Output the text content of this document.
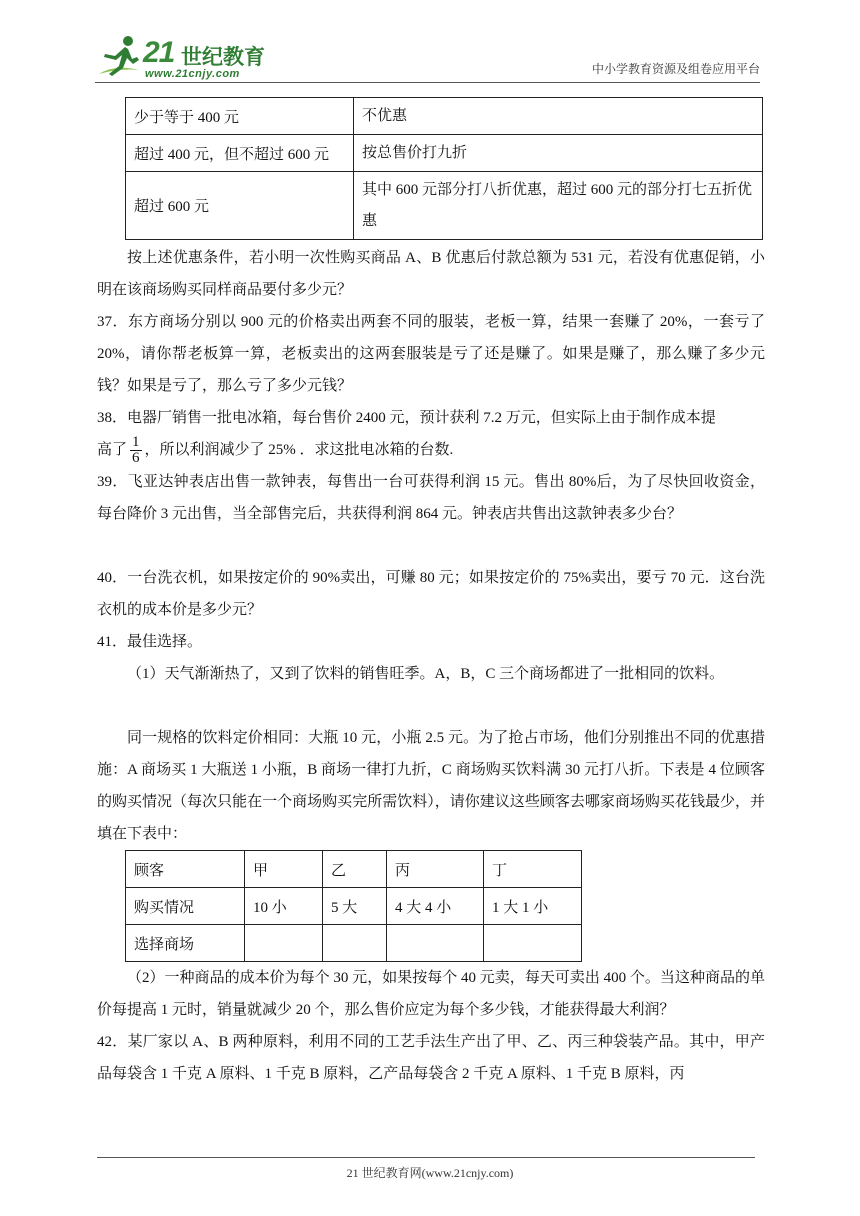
21 世纪教育
www.21cnjy.com	中小学教育资源及组卷应用平台
少于等于 400 元	不优惠
超过 400 元，但不超过 600 元	按总售价打九折
超过 600 元	其中 600 元部分打八折优惠，超过 600 元的部分打七五折优惠

按上述优惠条件，若小明一次性购买商品 A、B 优惠后付款总额为 531 元，若没有优惠促销，小明在该商场购买同样商品要付多少元？

37．东方商场分别以 900 元的价格卖出两套不同的服装，老板一算，结果一套赚了 20%，一套亏了 20%，请你帮老板算一算，老板卖出的这两套服装是亏了还是赚了。如果是赚了，那么赚了多少元钱？如果是亏了，那么亏了多少元钱？

38．电器厂销售一批电冰箱，每台售价 2400 元，预计获利 7.2 万元，但实际上由于制作成本提

高了 $\frac{1}{6}$ ，所以利润减少了 25% ．求这批电冰箱的台数.

39．飞亚达钟表店出售一款钟表，每售出一台可获得利润 15 元。售出 80%后，为了尽快回收资金，每台降价 3 元出售，当全部售完后，共获得利润 864 元。钟表店共售出这款钟表多少台？

40．一台洗衣机，如果按定价的 90%卖出，可赚 80 元；如果按定价的 75%卖出，要亏 70 元．这台洗衣机的成本价是多少元？

41．最佳选择。

（1）天气渐渐热了，又到了饮料的销售旺季。A，B，C 三个商场都进了一批相同的饮料。

同一规格的饮料定价相同：大瓶 10 元，小瓶 2.5 元。为了抢占市场，他们分别推出不同的优惠措施：A 商场买 1 大瓶送 1 小瓶，B 商场一律打九折，C 商场购买饮料满 30 元打八折。下表是 4 位顾客的购买情况（每次只能在一个商场购买完所需饮料），请你建议这些顾客去哪家商场购买花钱最少，并填在下表中：

顾客	甲	乙	丙	丁
购买情况	10 小	5 大	4 大 4 小	1 大 1 小
选择商场				

（2）一种商品的成本价为每个 30 元，如果按每个 40 元卖，每天可卖出 400 个。当这种商品的单价每提高 1 元时，销量就减少 20 个，那么售价应定为每个多少钱，才能获得最大利润？

42．某厂家以 A、B 两种原料，利用不同的工艺手法生产出了甲、乙、丙三种袋装产品。其中，甲产品每袋含 1 千克 A 原料、1 千克 B 原料，乙产品每袋含 2 千克 A 原料、1 千克 B 原料，丙

21 世纪教育网(www.21cnjy.com)
